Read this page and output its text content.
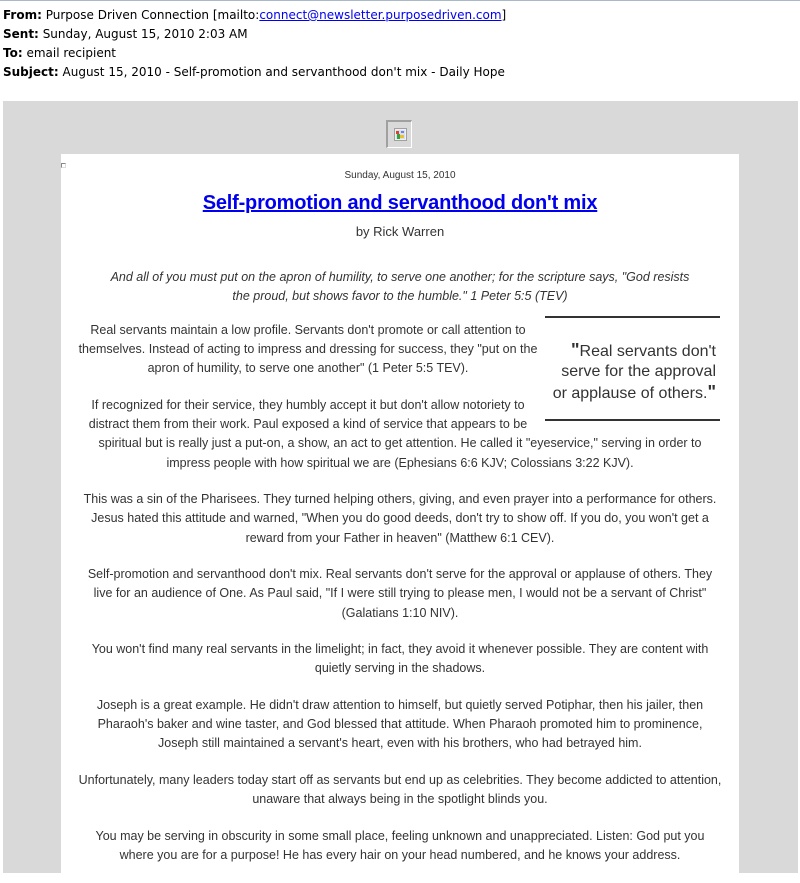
From: Purpose Driven Connection [mailto:connect@newsletter.purposedriven.com]
Sent: Sunday, August 15, 2010 2:03 AM
To: email recipient
Subject: August 15, 2010 - Self-promotion and servanthood don't mix - Daily Hope
Sunday, August 15, 2010
Self-promotion and servanthood don't mix
by Rick Warren
And all of you must put on the apron of humility, to serve one another; for the scripture says, "God resists the proud, but shows favor to the humble." 1 Peter 5:5 (TEV)
"Real servants don't serve for the approval or applause of others."

Real servants maintain a low profile. Servants don't promote or call attention to themselves. Instead of acting to impress and dressing for success, they "put on the apron of humility, to serve one another" (1 Peter 5:5 TEV).

If recognized for their service, they humbly accept it but don't allow notoriety to distract them from their work. Paul exposed a kind of service that appears to be spiritual but is really just a put-on, a show, an act to get attention. He called it "eyeservice," serving in order to impress people with how spiritual we are (Ephesians 6:6 KJV; Colossians 3:22 KJV).

This was a sin of the Pharisees. They turned helping others, giving, and even prayer into a performance for others. Jesus hated this attitude and warned, "When you do good deeds, don't try to show off. If you do, you won't get a reward from your Father in heaven" (Matthew 6:1 CEV).

Self-promotion and servanthood don't mix. Real servants don't serve for the approval or applause of others. They live for an audience of One. As Paul said, "If I were still trying to please men, I would not be a servant of Christ" (Galatians 1:10 NIV).

You won't find many real servants in the limelight; in fact, they avoid it whenever possible. They are content with quietly serving in the shadows.

Joseph is a great example. He didn't draw attention to himself, but quietly served Potiphar, then his jailer, then Pharaoh's baker and wine taster, and God blessed that attitude. When Pharaoh promoted him to prominence, Joseph still maintained a servant's heart, even with his brothers, who had betrayed him.

Unfortunately, many leaders today start off as servants but end up as celebrities. They become addicted to attention, unaware that always being in the spotlight blinds you.

You may be serving in obscurity in some small place, feeling unknown and unappreciated. Listen: God put you where you are for a purpose! He has every hair on your head numbered, and he knows your address.
